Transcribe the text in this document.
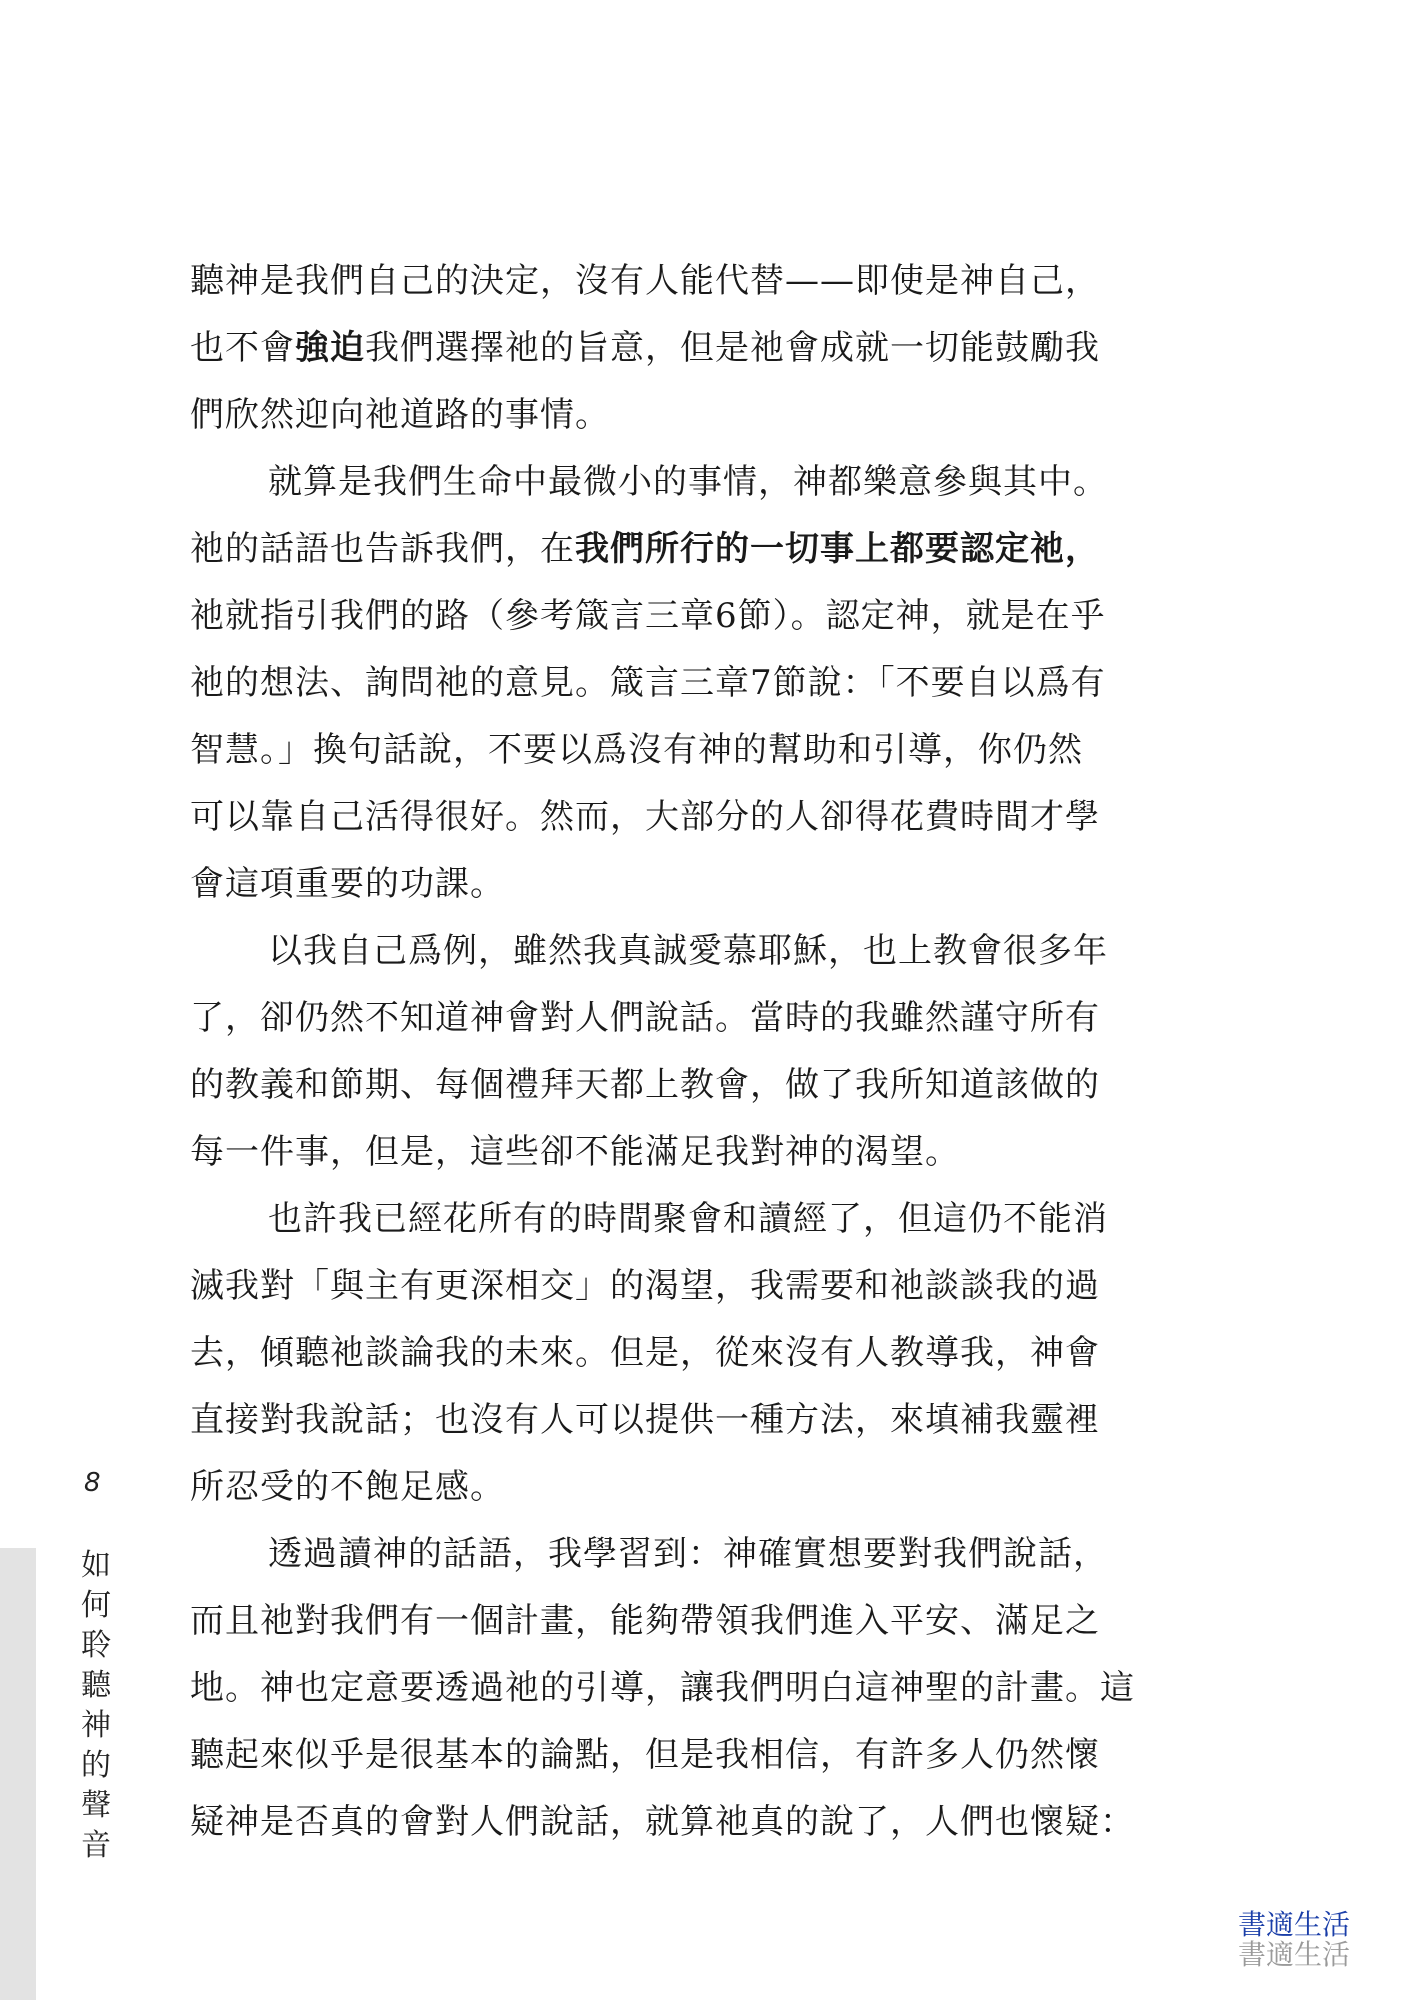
聽神是我們自己的決定，沒有人能代替——即使是神自己，
也不會強迫我們選擇祂的旨意，但是祂會成就一切能鼓勵我
們欣然迎向祂道路的事情。
就算是我們生命中最微小的事情，神都樂意參與其中。
祂的話語也告訴我們，在我們所行的一切事上都要認定祂，
祂就指引我們的路（參考箴言三章6節）。認定神，就是在乎
祂的想法、詢問祂的意見。箴言三章7節說：「不要自以爲有
智慧。」換句話說，不要以爲沒有神的幫助和引導，你仍然
可以靠自己活得很好。然而，大部分的人卻得花費時間才學
會這項重要的功課。
以我自己爲例，雖然我真誠愛慕耶穌，也上教會很多年
了，卻仍然不知道神會對人們說話。當時的我雖然謹守所有
的教義和節期、每個禮拜天都上教會，做了我所知道該做的
每一件事，但是，這些卻不能滿足我對神的渴望。
也許我已經花所有的時間聚會和讀經了，但這仍不能消
滅我對「與主有更深相交」的渴望，我需要和祂談談我的過
去，傾聽祂談論我的未來。但是，從來沒有人教導我，神會
直接對我說話；也沒有人可以提供一種方法，來填補我靈裡
所忍受的不飽足感。
透過讀神的話語，我學習到：神確實想要對我們說話，
而且祂對我們有一個計畫，能夠帶領我們進入平安、滿足之
地。神也定意要透過祂的引導，讓我們明白這神聖的計畫。這
聽起來似乎是很基本的論點，但是我相信，有許多人仍然懷
疑神是否真的會對人們說話，就算祂真的說了，人們也懷疑：
8
如何聆聽神的聲音
書適生活
書適生活
